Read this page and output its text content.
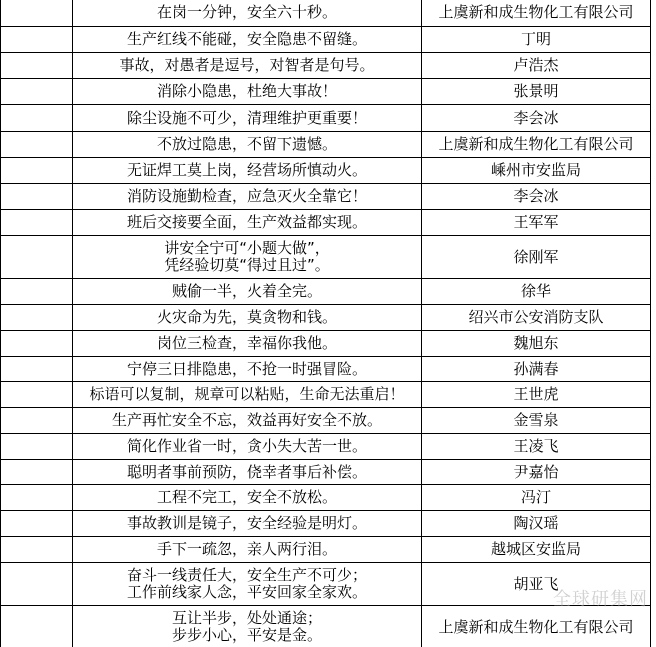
	在岗一分钟，安全六十秒。	上虞新和成生物化工有限公司

	生产红线不能碰，安全隐患不留缝。	丁明

	事故，对愚者是逗号，对智者是句号。	卢浩杰

	消除小隐患，杜绝大事故！	张景明

	除尘设施不可少，清理维护更重要！	李会冰

	不放过隐患，不留下遗憾。	上虞新和成生物化工有限公司

	无证焊工莫上岗，经营场所慎动火。	嵊州市安监局

	消防设施勤检查，应急灭火全靠它！	李会冰

	班后交接要全面，生产效益都实现。	王军军

	讲安全宁可“小题大做”，
凭经验切莫“得过且过”。	徐刚军

	贼偷一半，火着全完。	徐华

	火灾命为先，莫贪物和钱。	绍兴市公安消防支队

	岗位三检查，幸福你我他。	魏旭东

	宁停三日排隐患，不抢一时强冒险。	孙满春

	标语可以复制，规章可以粘贴，生命无法重启！	王世虎

	生产再忙安全不忘，效益再好安全不放。	金雪泉

	简化作业省一时，贪小失大苦一世。	王凌飞

	聪明者事前预防，侥幸者事后补偿。	尹嘉怡

	工程不完工，安全不放松。	冯汀

	事故教训是镜子，安全经验是明灯。	陶汉瑶

	手下一疏忽，亲人两行泪。	越城区安监局

	奋斗一线责任大，安全生产不可少；
工作前线家人念，平安回家全家欢。	胡亚飞

	互让半步，处处通途；
步步小心，平安是金。	上虞新和成生物化工有限公司
全球研集网
